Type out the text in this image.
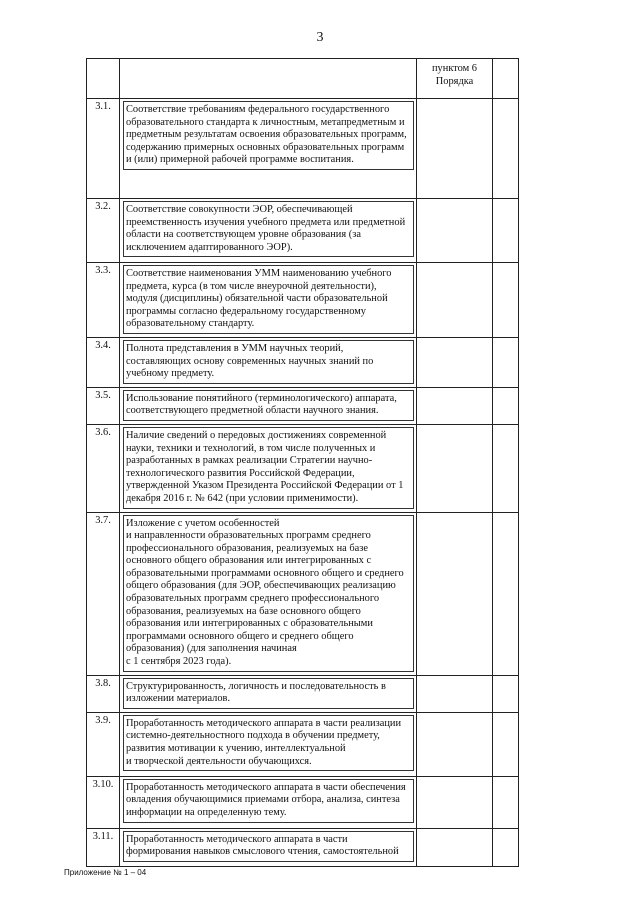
3
		пунктом 6
Порядка	
3.1.	Соответствие требованиям федерального государственного образовательного стандарта к личностным, метапредметным и предметным результатам освоения образовательных программ, содержанию примерных основных образовательных программ и (или) примерной рабочей программе воспитания.		

3.2.	Соответствие совокупности ЭОР, обеспечивающей преемственность изучения учебного предмета или предметной области на соответствующем уровне образования (за исключением адаптированного ЭОР).		

3.3.	Соответствие наименования УММ наименованию учебного предмета, курса (в том числе внеурочной деятельности), модуля (дисциплины) обязательной части образовательной программы согласно федеральному государственному образовательному стандарту.		

3.4.	Полнота представления в УММ научных теорий, составляющих основу современных научных знаний по учебному предмету.		

3.5.	Использование понятийного (терминологического) аппарата, соответствующего предметной области научного знания.		

3.6.	Наличие сведений о передовых достижениях современной науки, техники и технологий, в том числе полученных и разработанных в рамках реализации Стратегии научно-технологического развития Российской Федерации, утвержденной Указом Президента Российской Федерации от 1 декабря 2016 г. № 642 (при условии применимости).		

3.7.	Изложение с учетом особенностей
и направленности образовательных программ среднего профессионального образования, реализуемых на базе основного общего образования или интегрированных с образовательными программами основного общего и среднего общего образования (для ЭОР, обеспечивающих реализацию образовательных программ среднего профессионального образования, реализуемых на базе основного общего образования или интегрированных с образовательными программами основного общего и среднего общего образования) (для заполнения начиная
с 1 сентября 2023 года).		

3.8.	Структурированность, логичность и последовательность в изложении материалов.		

3.9.	Проработанность методического аппарата в части реализации системно-деятельностного подхода в обучении предмету, развития мотивации к учению, интеллектуальной
и творческой деятельности обучающихся.		

3.10.	Проработанность методического аппарата в части обеспечения овладения обучающимися приемами отбора, анализа, синтеза информации на определенную тему.		

3.11.	Проработанность методического аппарата в части формирования навыков смыслового чтения, самостоятельной		

Приложение № 1 – 04
